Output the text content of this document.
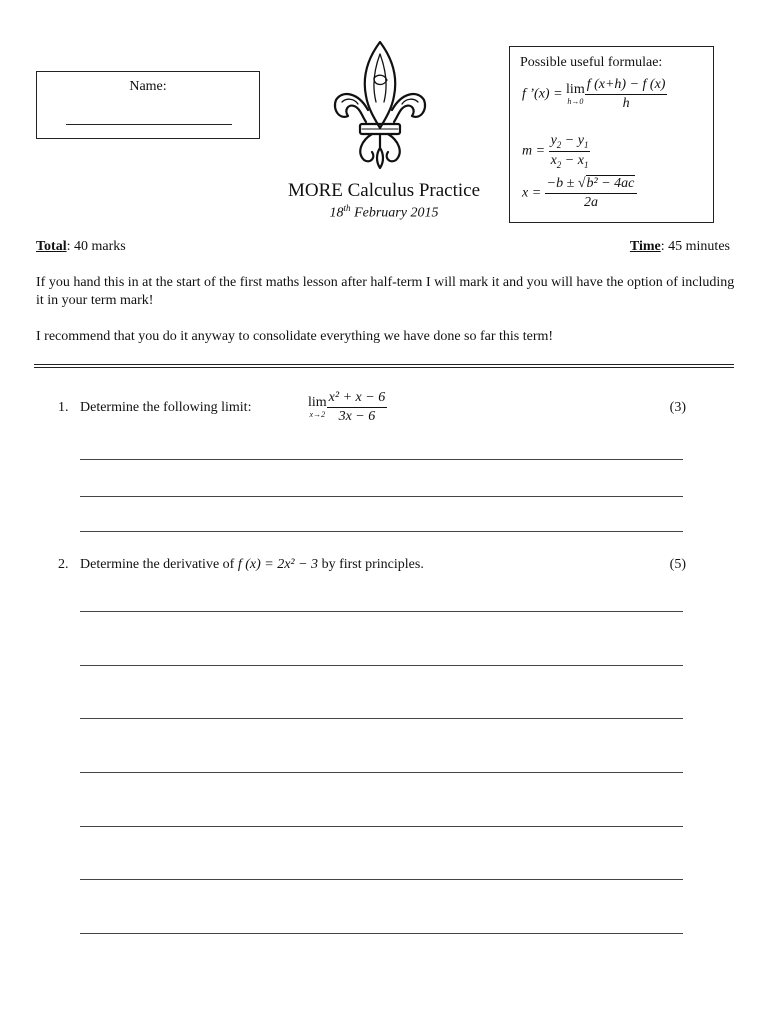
Name:
MORE Calculus Practice
18th February 2015
Possible useful formulae:
f ’(x) = lim
$h\to 0 \frac{f (x+h) - f (x)}{h}$
$m = \frac{y_2 - y_1}{x_2 - x_1}$
$x = \frac{\text{−b ± √b² − 4ac}}{2a}$
Total: 40 marks	Time: 45 minutes
If you hand this in at the start of the first maths lesson after half-term I will mark it and you will have the option of including it in your term mark!
I recommend that you do it anyway to consolidate everything we have done so far this term!
1. Determine the following limit:	lim
$x\to 2 \frac{\text{x² + x − 6}}{3x - 6}$	(3)
2. Determine the derivative of f (x) = 2x² − 3 by first principles.	(5)
